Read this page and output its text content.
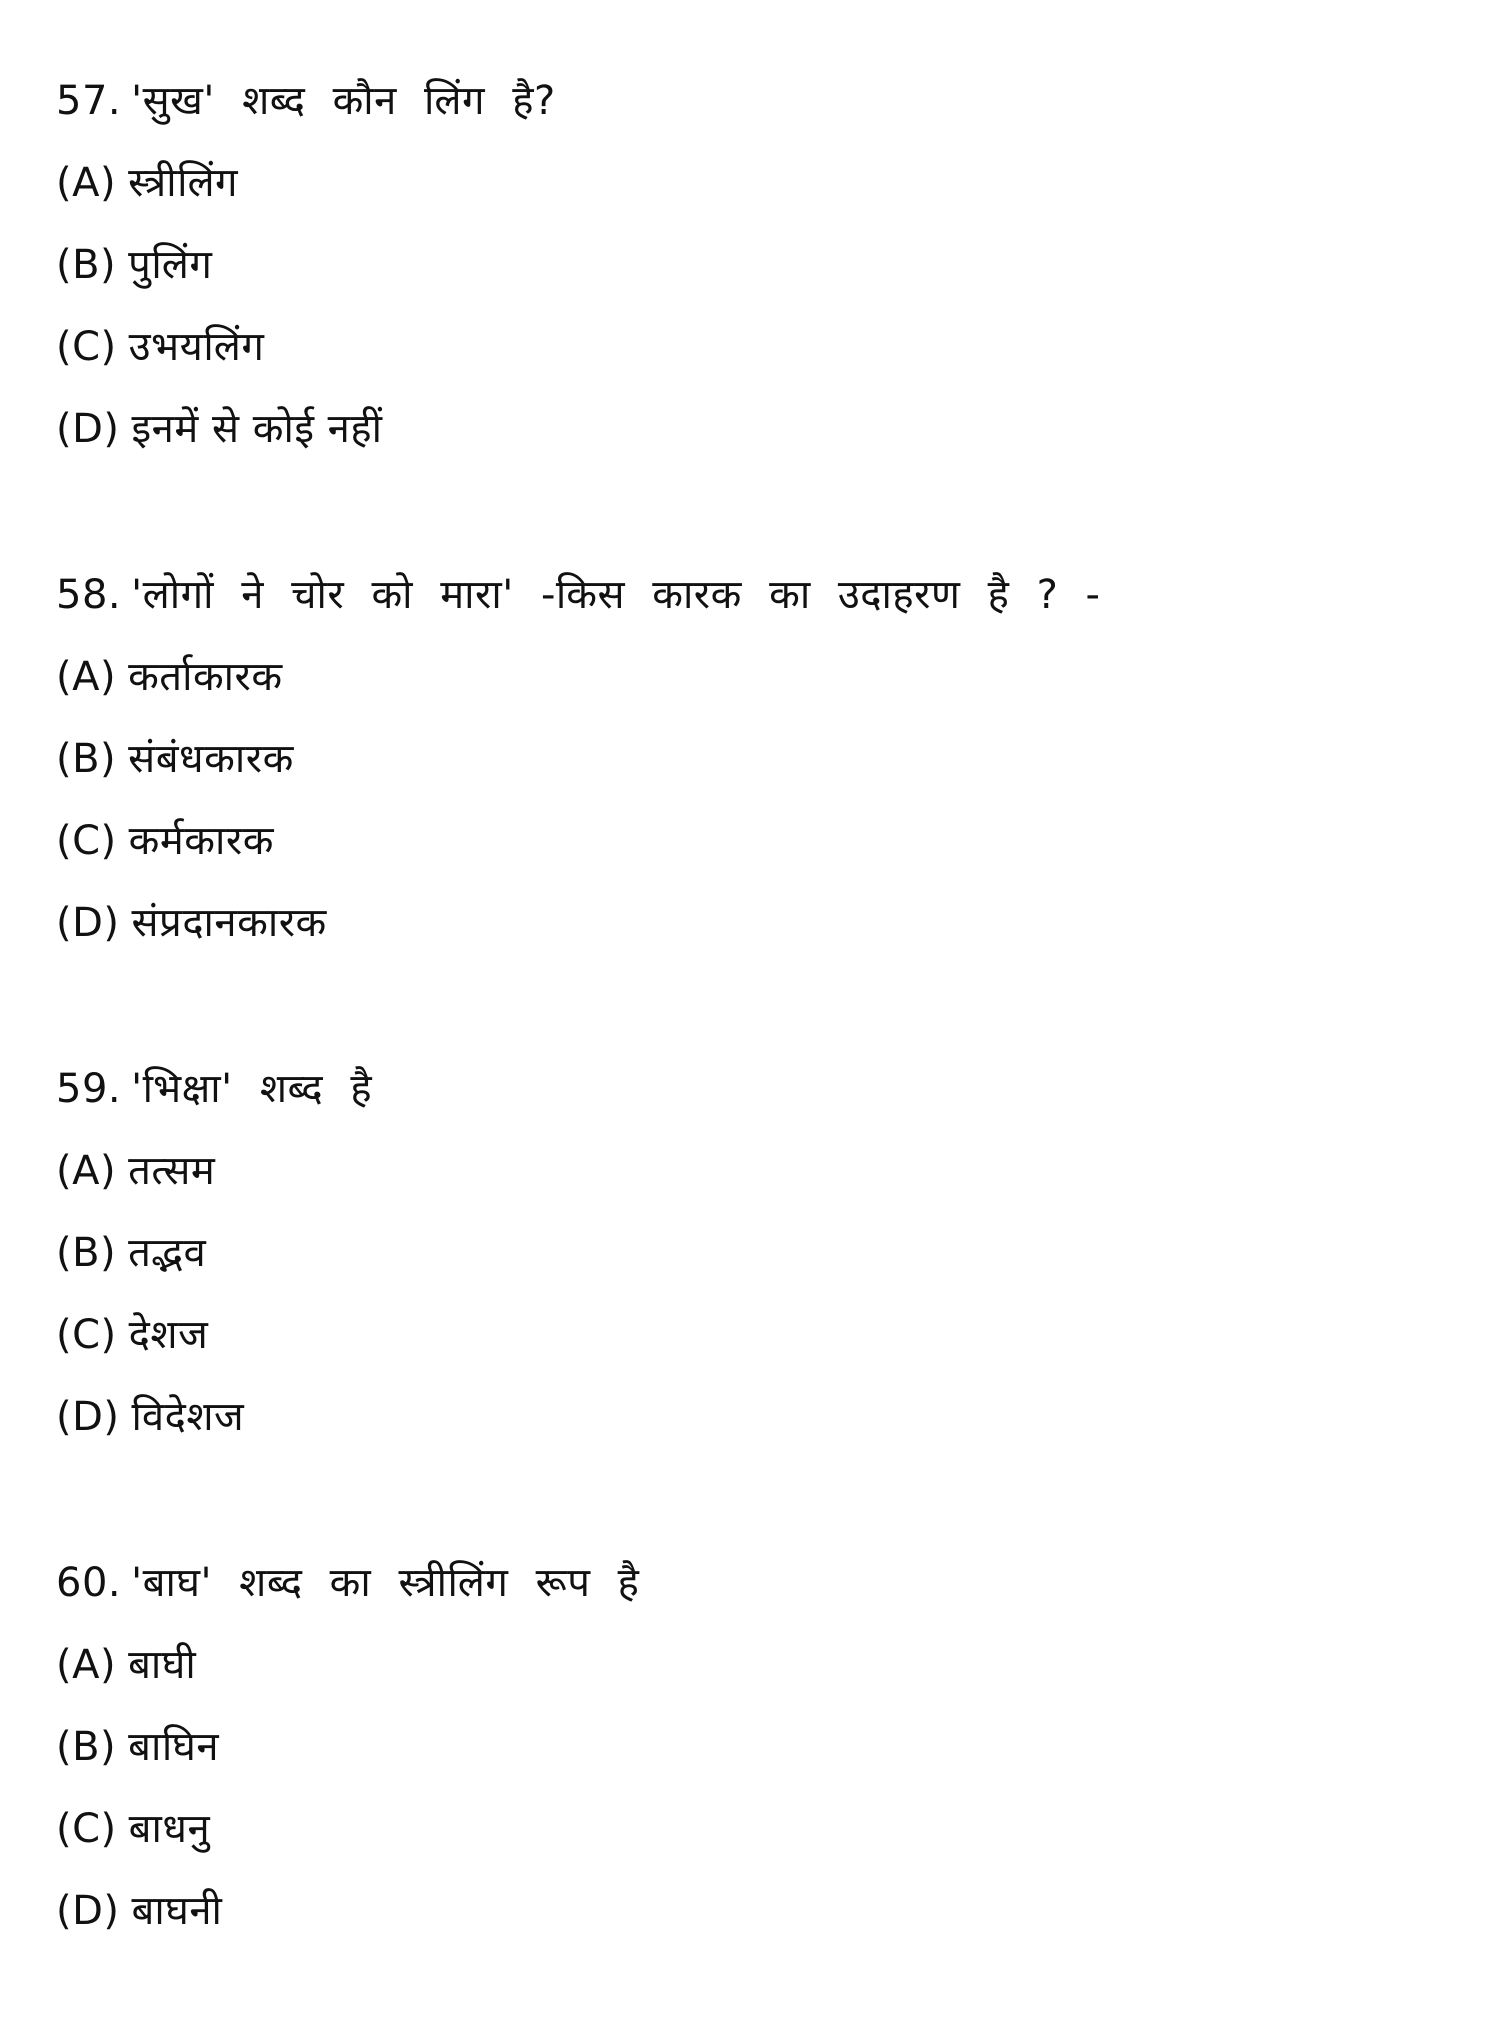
57. 'सुख' शब्द कौन लिंग है?
(A) स्त्रीलिंग
(B) पुलिंग
(C) उभयलिंग
(D) इनमें से कोई नहीं
58. 'लोगों ने चोर को मारा' -किस कारक का उदाहरण है ? -
(A) कर्ताकारक
(B) संबंधकारक
(C) कर्मकारक
(D) संप्रदानकारक
59. 'भिक्षा' शब्द है
(A) तत्सम
(B) तद्भव
(C) देशज
(D) विदेशज
60. 'बाघ' शब्द का स्त्रीलिंग रूप है
(A) बाघी
(B) बाघिन
(C) बाधनु
(D) बाघनी
